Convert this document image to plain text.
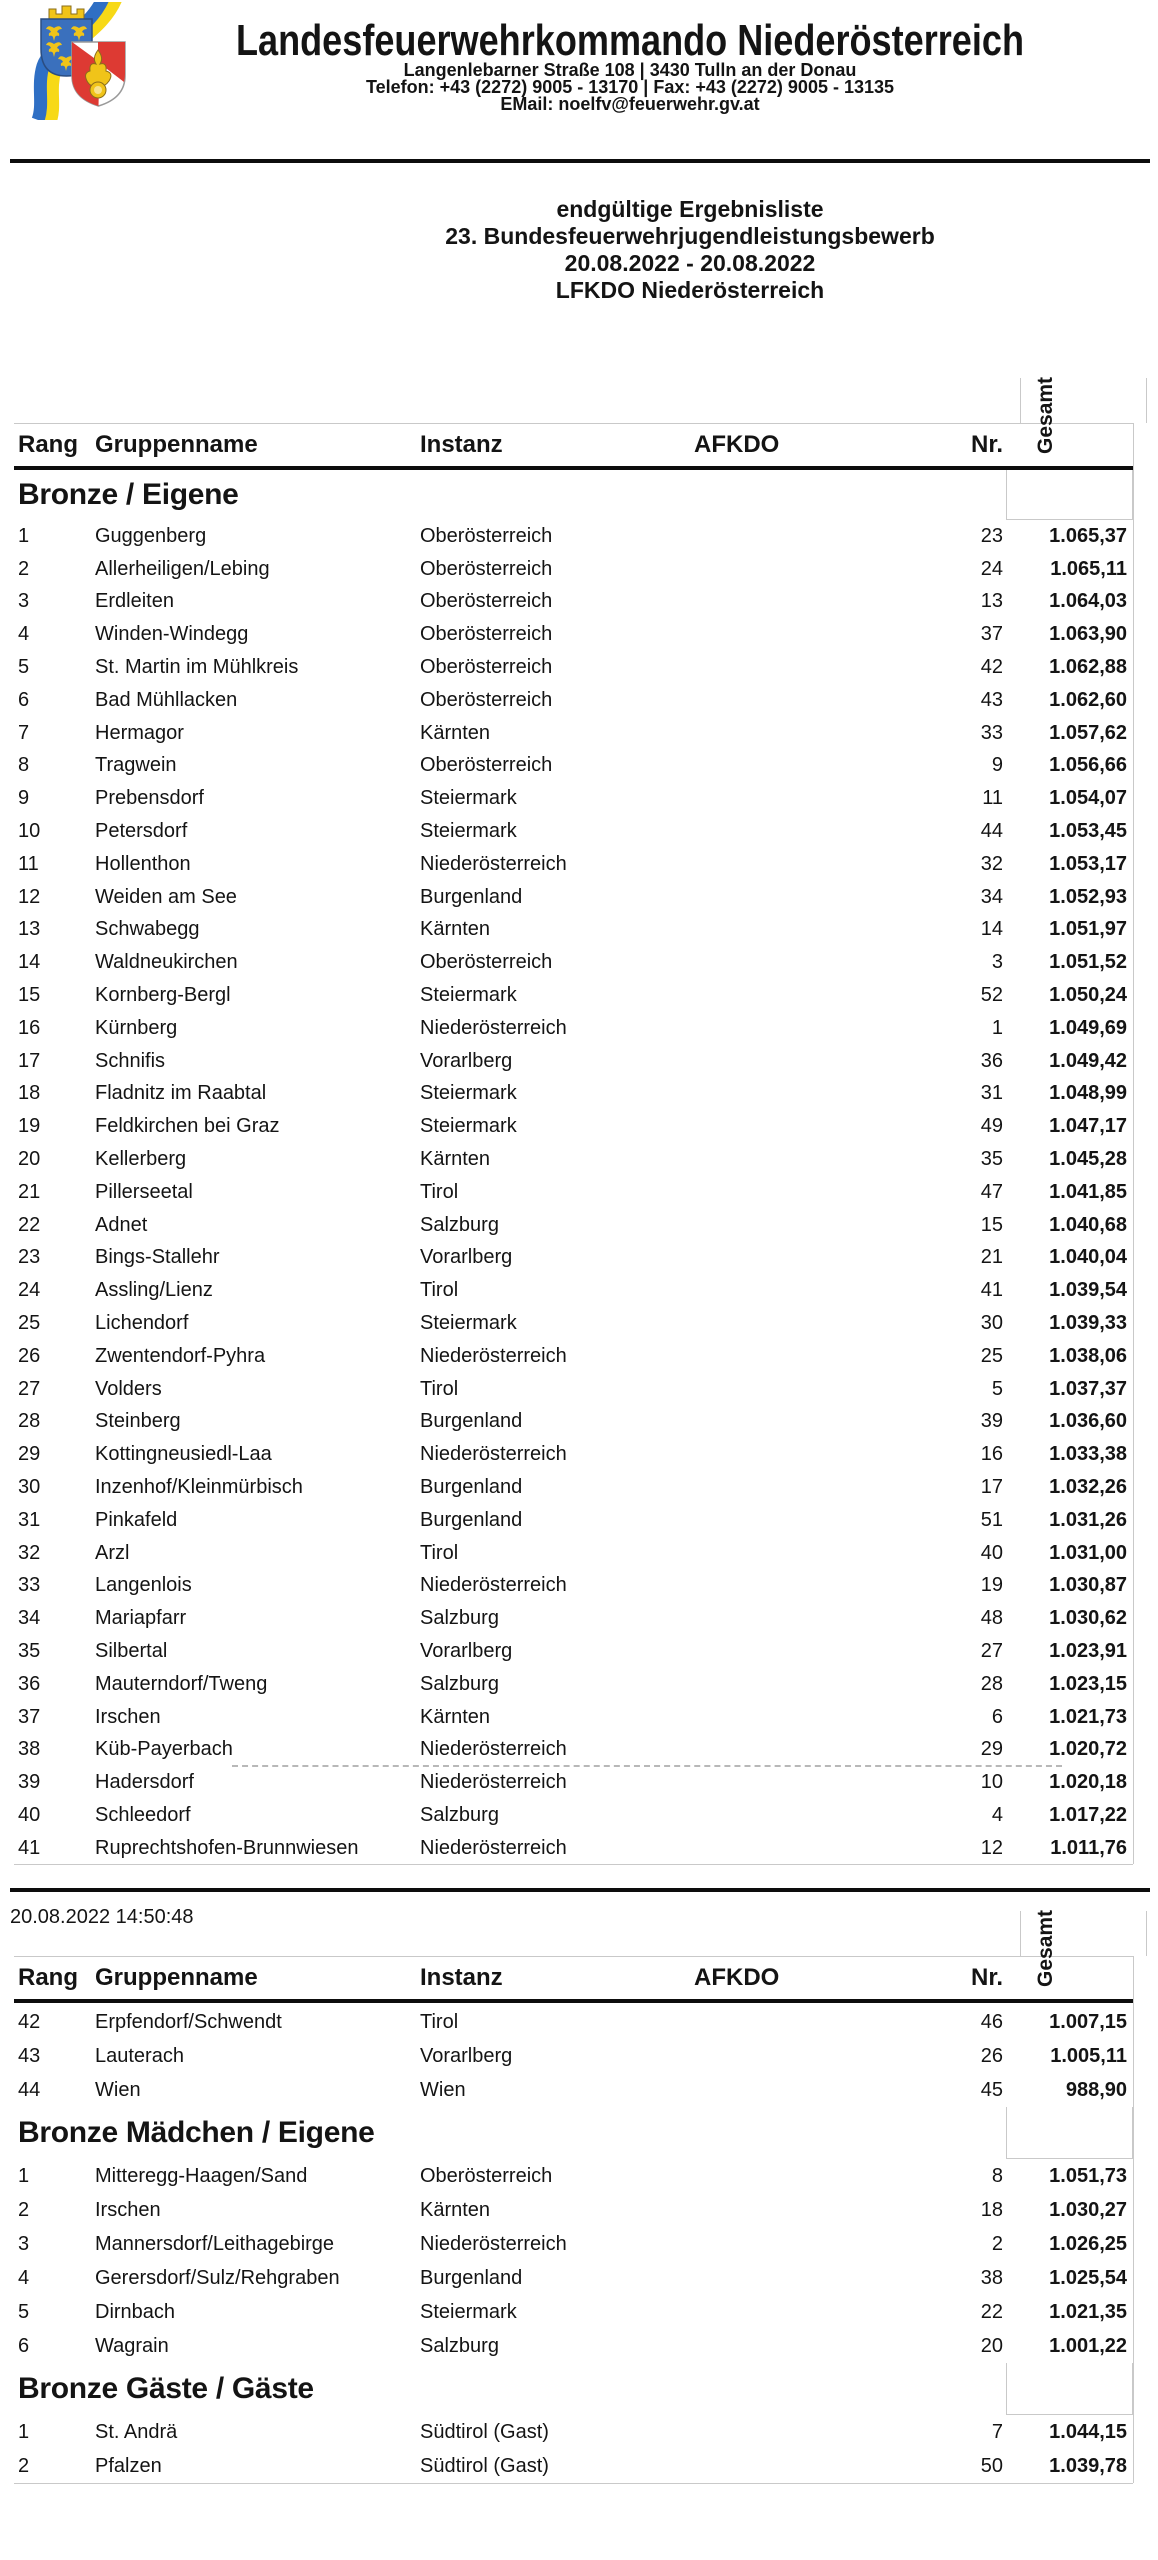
Landesfeuerwehrkommando Niederösterreich
Langenlebarner Straße 108 | 3430 Tulln an der Donau
Telefon: +43 (2272) 9005 - 13170 | Fax: +43 (2272) 9005 - 13135
EMail: noelfv@feuerwehr.gv.at
endgültige Ergebnisliste
23. Bundesfeuerwehrjugendleistungsbewerb
20.08.2022 - 20.08.2022
LFKDO Niederösterreich
Rang Gruppenname	Instanz	AFKDO	Nr. Gesamt
Bronze / Eigene
1	Guggenberg	Oberösterreich	23	1.065,37
2	Allerheiligen/Lebing	Oberösterreich	24	1.065,11
3	Erdleiten	Oberösterreich	13	1.064,03
4	Winden-Windegg	Oberösterreich	37	1.063,90
5	St. Martin im Mühlkreis	Oberösterreich	42	1.062,88
6	Bad Mühllacken	Oberösterreich	43	1.062,60
7	Hermagor	Kärnten	33	1.057,62
8	Tragwein	Oberösterreich	9	1.056,66
9	Prebensdorf	Steiermark	11	1.054,07
10	Petersdorf	Steiermark	44	1.053,45
11	Hollenthon	Niederösterreich	32	1.053,17
12	Weiden am See	Burgenland	34	1.052,93
13	Schwabegg	Kärnten	14	1.051,97
14	Waldneukirchen	Oberösterreich	3	1.051,52
15	Kornberg-Bergl	Steiermark	52	1.050,24
16	Kürnberg	Niederösterreich	1	1.049,69
17	Schnifis	Vorarlberg	36	1.049,42
18	Fladnitz im Raabtal	Steiermark	31	1.048,99
19	Feldkirchen bei Graz	Steiermark	49	1.047,17
20	Kellerberg	Kärnten	35	1.045,28
21	Pillerseetal	Tirol	47	1.041,85
22	Adnet	Salzburg	15	1.040,68
23	Bings-Stallehr	Vorarlberg	21	1.040,04
24	Assling/Lienz	Tirol	41	1.039,54
25	Lichendorf	Steiermark	30	1.039,33
26	Zwentendorf-Pyhra	Niederösterreich	25	1.038,06
27	Volders	Tirol	5	1.037,37
28	Steinberg	Burgenland	39	1.036,60
29	Kottingneusiedl-Laa	Niederösterreich	16	1.033,38
30	Inzenhof/Kleinmürbisch	Burgenland	17	1.032,26
31	Pinkafeld	Burgenland	51	1.031,26
32	Arzl	Tirol	40	1.031,00
33	Langenlois	Niederösterreich	19	1.030,87
34	Mariapfarr	Salzburg	48	1.030,62
35	Silbertal	Vorarlberg	27	1.023,91
36	Mauterndorf/Tweng	Salzburg	28	1.023,15
37	Irschen	Kärnten	6	1.021,73
38	Küb-Payerbach	Niederösterreich	29	1.020,72
39	Hadersdorf	Niederösterreich	10	1.020,18
40	Schleedorf	Salzburg	4	1.017,22
41	Ruprechtshofen-Brunnwiesen	Niederösterreich	12	1.011,76
20.08.2022 14:50:48
Rang Gruppenname	Instanz	AFKDO	Nr. Gesamt
42	Erpfendorf/Schwendt	Tirol	46	1.007,15
43	Lauterach	Vorarlberg	26	1.005,11
44	Wien	Wien	45	988,90
Bronze Mädchen / Eigene
1	Mitteregg-Haagen/Sand	Oberösterreich	8	1.051,73
2	Irschen	Kärnten	18	1.030,27
3	Mannersdorf/Leithagebirge	Niederösterreich	2	1.026,25
4	Gerersdorf/Sulz/Rehgraben	Burgenland	38	1.025,54
5	Dirnbach	Steiermark	22	1.021,35
6	Wagrain	Salzburg	20	1.001,22
Bronze Gäste / Gäste
1	St. Andrä	Südtirol (Gast)	7	1.044,15
2	Pfalzen	Südtirol (Gast)	50	1.039,78
